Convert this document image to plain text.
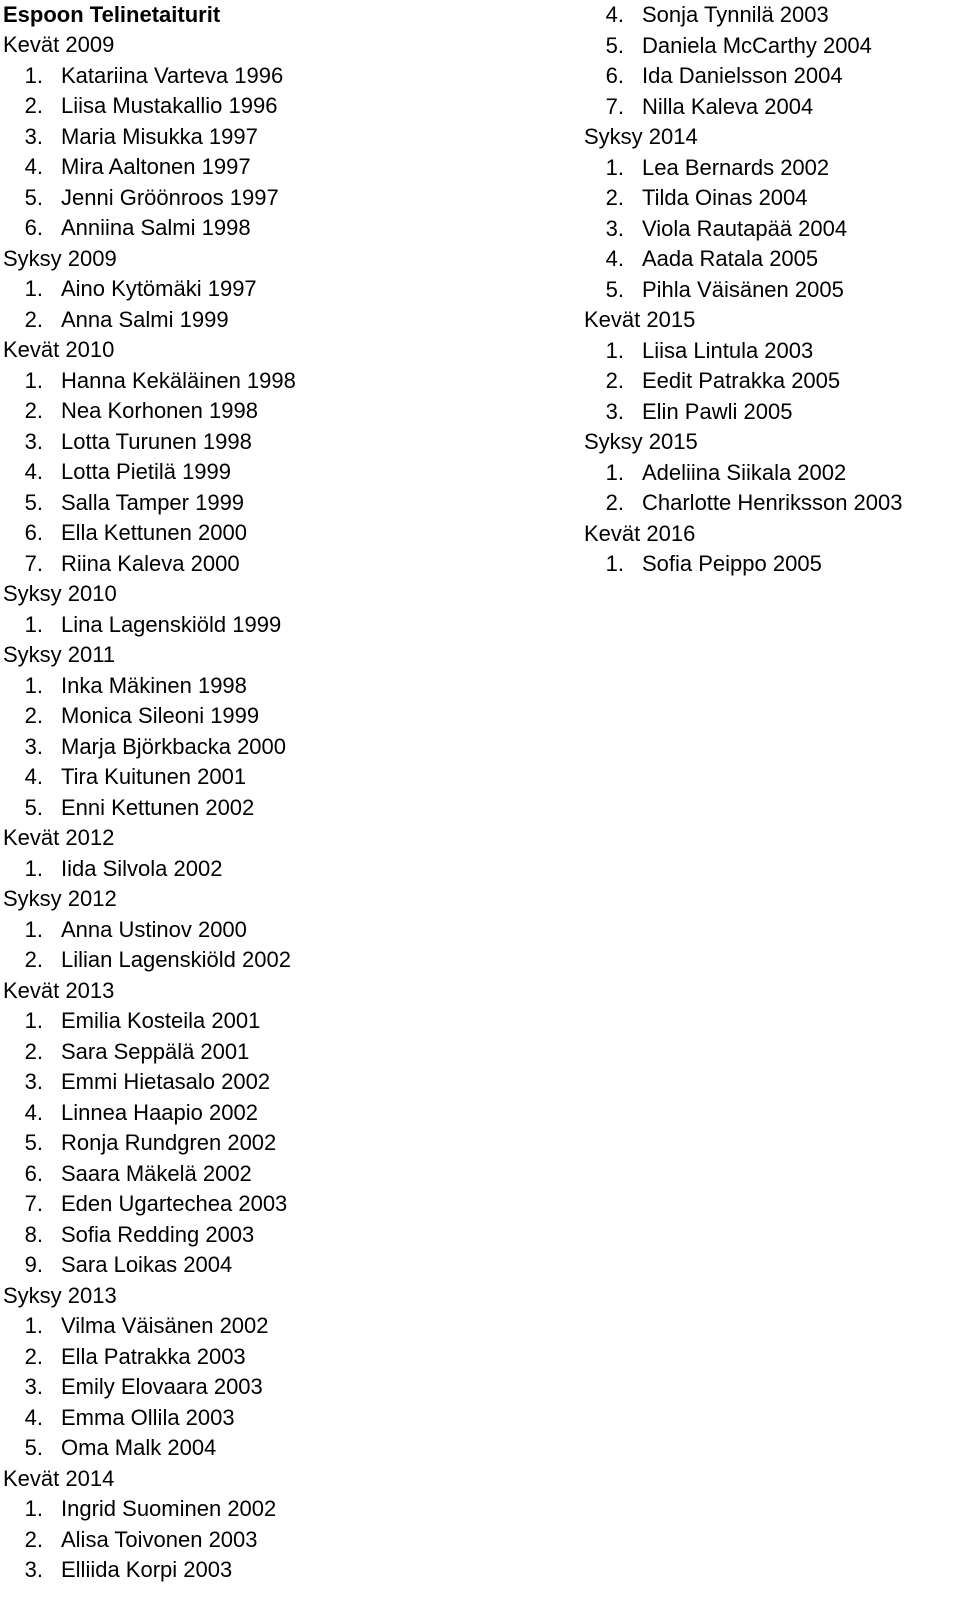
Espoon Telinetaiturit
Kevät 2009
1. Katariina Varteva 1996
2. Liisa Mustakallio 1996
3. Maria Misukka 1997
4. Mira Aaltonen 1997
5. Jenni Gröönroos 1997
6. Anniina Salmi 1998
Syksy 2009
1. Aino Kytömäki 1997
2. Anna Salmi 1999
Kevät 2010
1. Hanna Kekäläinen 1998
2. Nea Korhonen 1998
3. Lotta Turunen 1998
4. Lotta Pietilä 1999
5. Salla Tamper 1999
6. Ella Kettunen 2000
7. Riina Kaleva 2000
Syksy 2010
1. Lina Lagenskiöld 1999
Syksy 2011
1. Inka Mäkinen 1998
2. Monica Sileoni 1999
3. Marja Björkbacka 2000
4. Tira Kuitunen 2001
5. Enni Kettunen 2002
Kevät 2012
1. Iida Silvola 2002
Syksy 2012
1. Anna Ustinov 2000
2. Lilian Lagenskiöld 2002
Kevät 2013
1. Emilia Kosteila 2001
2. Sara Seppälä 2001
3. Emmi Hietasalo 2002
4. Linnea Haapio 2002
5. Ronja Rundgren 2002
6. Saara Mäkelä 2002
7. Eden Ugartechea 2003
8. Sofia Redding 2003
9. Sara Loikas 2004
Syksy 2013
1. Vilma Väisänen 2002
2. Ella Patrakka 2003
3. Emily Elovaara 2003
4. Emma Ollila 2003
5. Oma Malk 2004
Kevät 2014
1. Ingrid Suominen 2002
2. Alisa Toivonen 2003
3. Elliida Korpi 2003
4. Sonja Tynnilä 2003
5. Daniela McCarthy 2004
6. Ida Danielsson 2004
7. Nilla Kaleva 2004
Syksy 2014
1. Lea Bernards 2002
2. Tilda Oinas 2004
3. Viola Rautapää 2004
4. Aada Ratala 2005
5. Pihla Väisänen 2005
Kevät 2015
1. Liisa Lintula 2003
2. Eedit Patrakka 2005
3. Elin Pawli 2005
Syksy 2015
1. Adeliina Siikala 2002
2. Charlotte Henriksson 2003
Kevät 2016
1. Sofia Peippo 2005
